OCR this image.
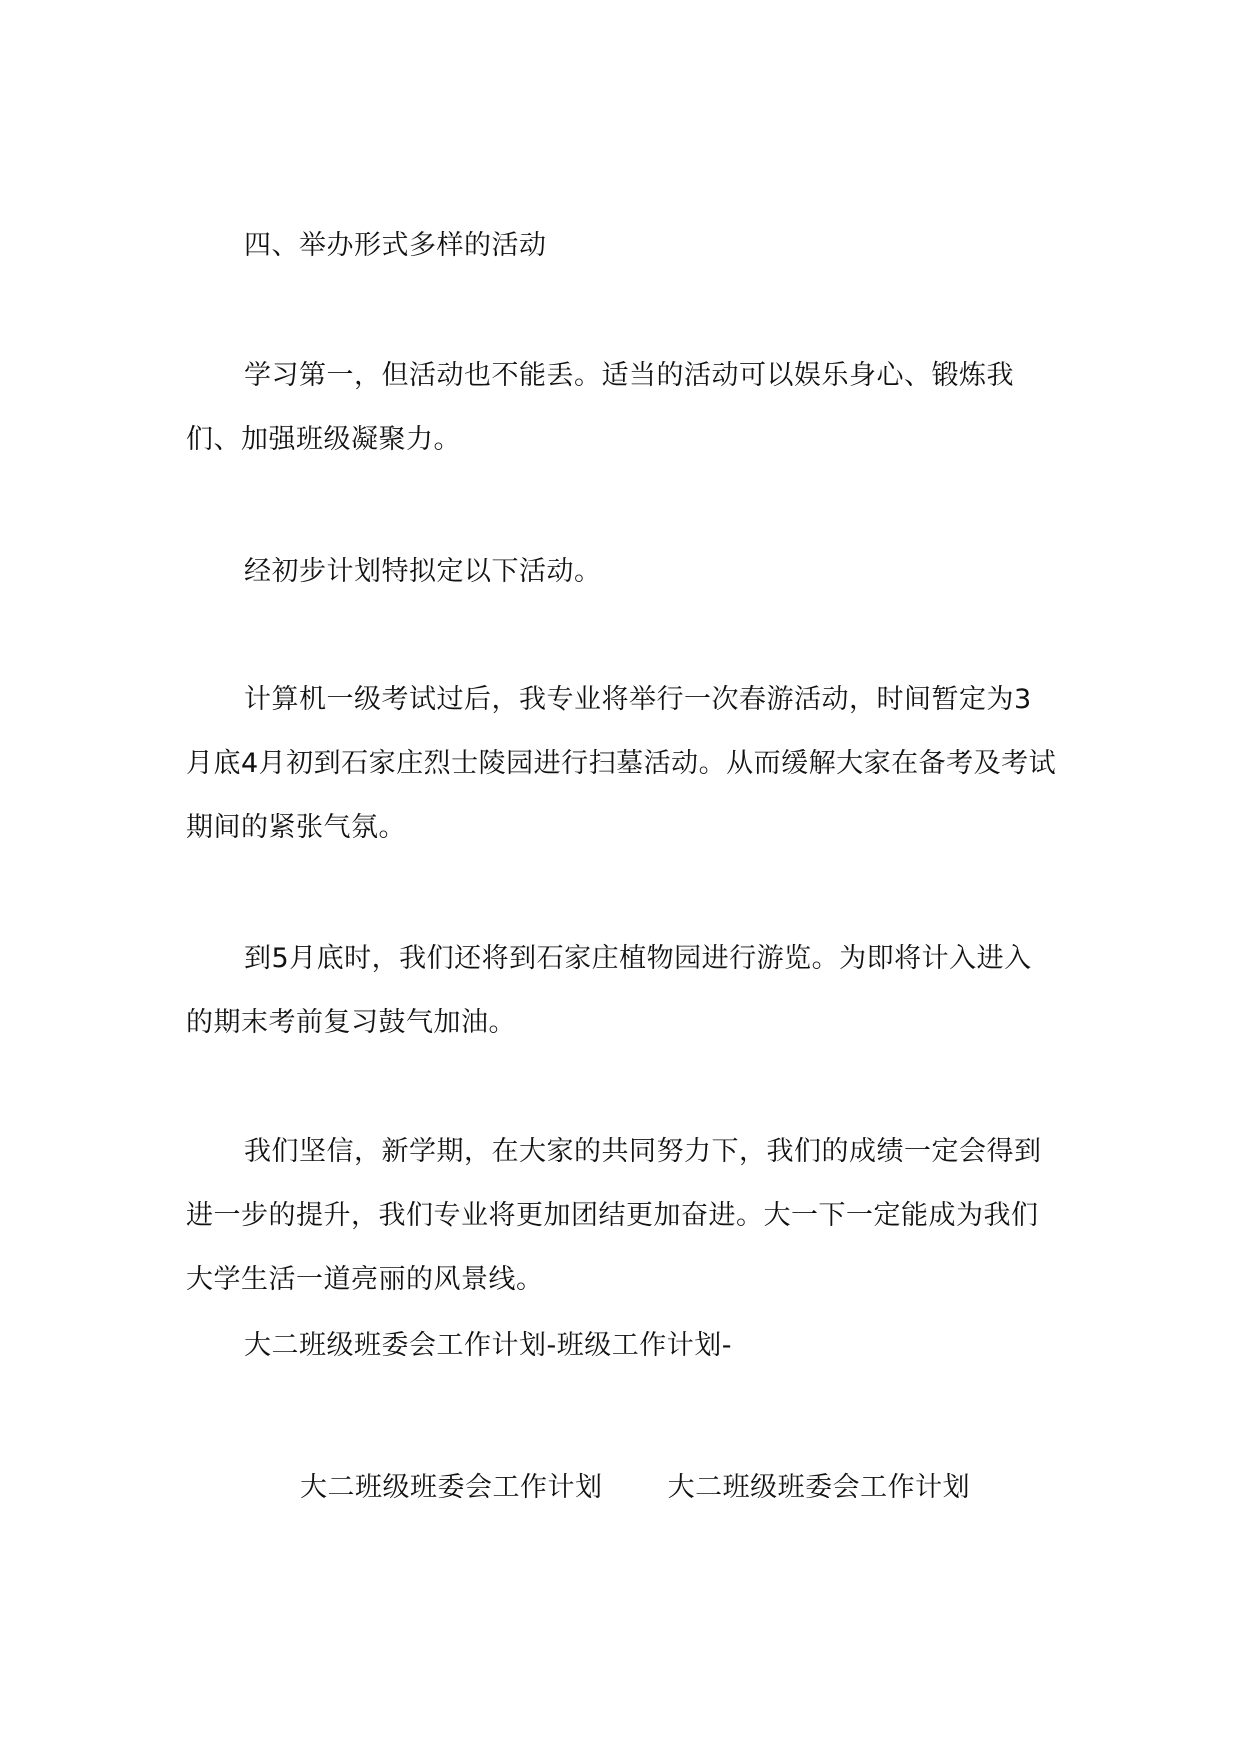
四、举办形式多样的活动

学习第一，但活动也不能丢。适当的活动可以娱乐身心、锻炼我们、加强班级凝聚力。

经初步计划特拟定以下活动。

计算机一级考试过后，我专业将举行一次春游活动，时间暂定为3月底4月初到石家庄烈士陵园进行扫墓活动。从而缓解大家在备考及考试期间的紧张气氛。

到5月底时，我们还将到石家庄植物园进行游览。为即将计入进入的期末考前复习鼓气加油。

我们坚信，新学期，在大家的共同努力下，我们的成绩一定会得到进一步的提升，我们专业将更加团结更加奋进。大一下一定能成为我们大学生活一道亮丽的风景线。

大二班级班委会工作计划-班级工作计划-

大二班级班委会工作计划 大二班级班委会工作计划
